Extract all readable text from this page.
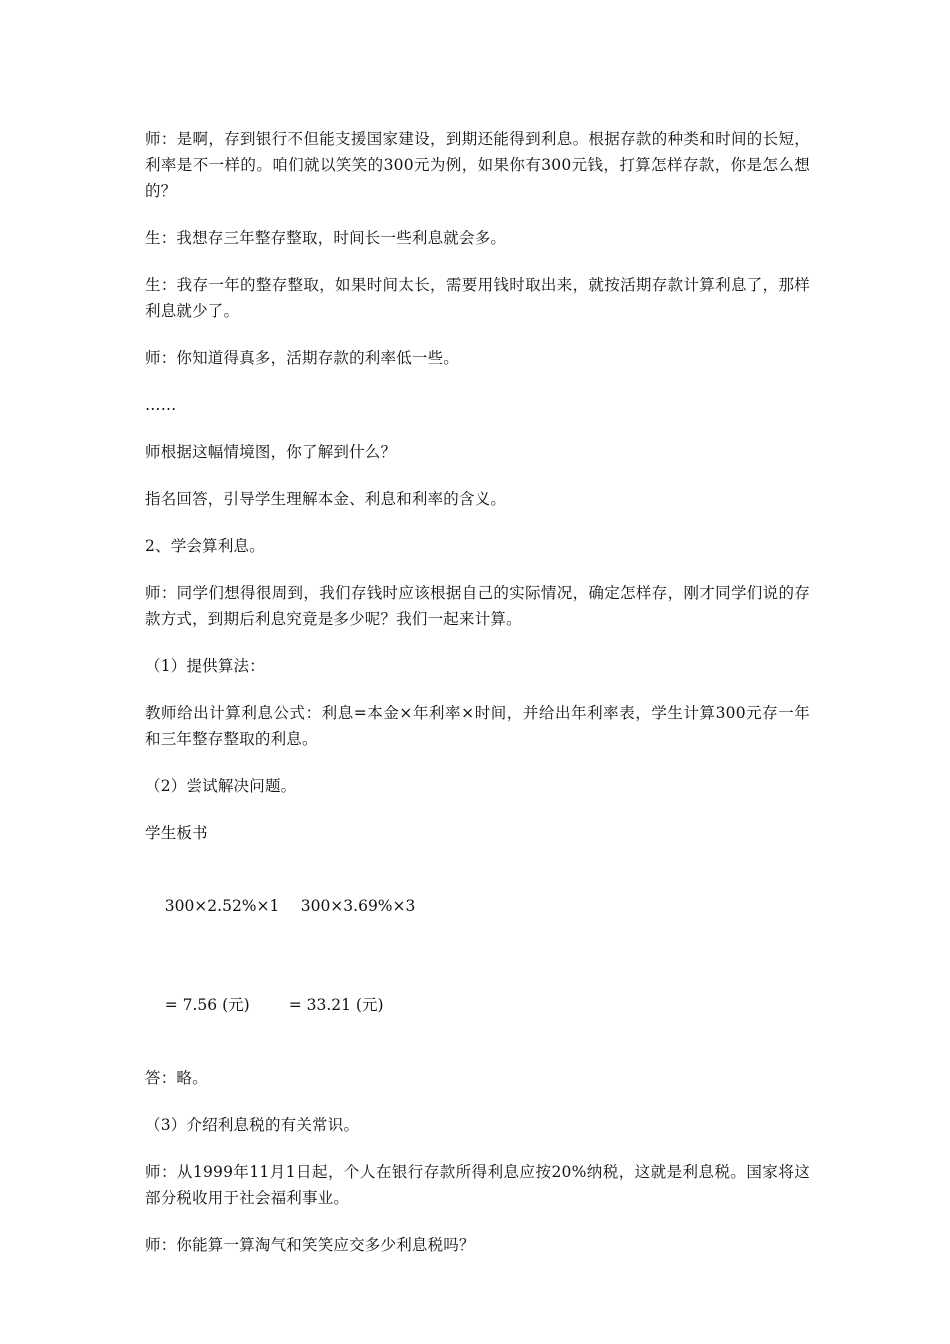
师：是啊，存到银行不但能支援国家建设，到期还能得到利息。根据存款的种类和时间的长短，利率是不一样的。咱们就以笑笑的300元为例，如果你有300元钱，打算怎样存款，你是怎么想的？

生：我想存三年整存整取，时间长一些利息就会多。

生：我存一年的整存整取，如果时间太长，需要用钱时取出来，就按活期存款计算利息了，那样利息就少了。

师：你知道得真多，活期存款的利率低一些。

……

师根据这幅情境图，你了解到什么？

指名回答，引导学生理解本金、利息和利率的含义。

2、学会算利息。

师：同学们想得很周到，我们存钱时应该根据自己的实际情况，确定怎样存，刚才同学们说的存款方式，到期后利息究竟是多少呢？我们一起来计算。

（1）提供算法：

教师给出计算利息公式：利息=本金×年利率×时间，并给出年利率表，学生计算300元存一年和三年整存整取的利息。

（2）尝试解决问题。

学生板书

300×2.52%×1 300×3.69%×3

= 7.56 (元)	= 33.21 (元)

答：略。

（3）介绍利息税的有关常识。

师：从1999年11月1日起，个人在银行存款所得利息应按20%纳税，这就是利息税。国家将这部分税收用于社会福利事业。

师：你能算一算淘气和笑笑应交多少利息税吗？
